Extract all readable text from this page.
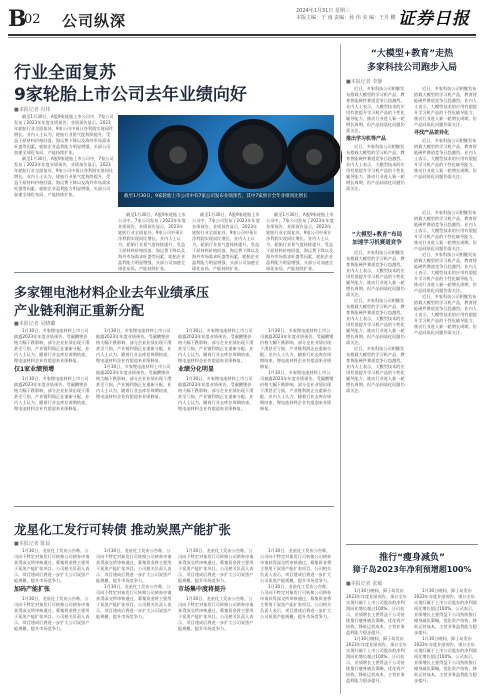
B
02 公司纵深
2024年1月31日 星期三
本版主编：于 南 责编：孙 伟 美 编：王丹 鹏 证券日报
行业全面复苏
9家轮胎上市公司去年业绩向好
■本报记者 肖伟

截至1月30日，A股9家轮胎上市公司中，7家公司发布了2023年年度业绩预告，业绩预告显示，2023年轮胎行业全面复苏，9家公司中预计净利润实现同比增长。业内人士认为，轮胎行业景气度持续提升，受益于原材料价格回落、海运费下降以及海外市场需求旺盛等因素，轮胎企业盈利能力明显增强，头部公司加速全球化布局，产能持续扩张。

截至1月30日，A股9家轮胎上市公司中，7家公司发布了2023年年度业绩预告，业绩预告显示，2023年轮胎行业全面复苏，9家公司中预计净利润实现同比增长。业内人士认为，轮胎行业景气度持续提升，受益于原材料价格回落、海运费下降以及海外市场需求旺盛等因素，轮胎企业盈利能力明显增强，头部公司加速全球化布局，产能持续扩张。	截至1月30日，9家轮胎上市公司中有7家公司发布业绩预告，其中7家预计全年业绩同比增长

截至1月30日，A股9家轮胎上市公司中，7家公司发布了2023年年度业绩预告，业绩预告显示，2023年轮胎行业全面复苏，9家公司中预计净利润实现同比增长。业内人士认为，轮胎行业景气度持续提升，受益于原材料价格回落、海运费下降以及海外市场需求旺盛等因素，轮胎企业盈利能力明显增强，头部公司加速全球化布局，产能持续扩张。

截至1月30日，A股9家轮胎上市公司中，7家公司发布了2023年年度业绩预告，业绩预告显示，2023年轮胎行业全面复苏，9家公司中预计净利润实现同比增长。业内人士认为，轮胎行业景气度持续提升，受益于原材料价格回落、海运费下降以及海外市场需求旺盛等因素，轮胎企业盈利能力明显增强，头部公司加速全球化布局，产能持续扩张。

截至1月30日，A股9家轮胎上市公司中，7家公司发布了2023年年度业绩预告，业绩预告显示，2023年轮胎行业全面复苏，9家公司中预计净利润实现同比增长。业内人士认为，轮胎行业景气度持续提升，受益于原材料价格回落、海运费下降以及海外市场需求旺盛等因素，轮胎企业盈利能力明显增强，头部公司加速全球化布局，产能持续扩张。

多家锂电池材料企业去年业绩承压
产业链利润正重新分配
■本报记者 吴晓璐

1月30日，多家锂电池材料上市公司披露2023年年度业绩预告。受碳酸锂价格大幅下跌影响，部分企业业绩出现下滑甚至亏损，产业链利润正在重新分配。业内人士认为，随着行业去库存周期结束，锂电池材料企业有望迎来业绩修复。

仅1家业绩预增

1月30日，多家锂电池材料上市公司披露2023年年度业绩预告。受碳酸锂价格大幅下跌影响，部分企业业绩出现下滑甚至亏损，产业链利润正在重新分配。业内人士认为，随着行业去库存周期结束，锂电池材料企业有望迎来业绩修复。

1月30日，多家锂电池材料上市公司披露2023年年度业绩预告。受碳酸锂价格大幅下跌影响，部分企业业绩出现下滑甚至亏损，产业链利润正在重新分配。业内人士认为，随着行业去库存周期结束，锂电池材料企业有望迎来业绩修复。

1月30日，多家锂电池材料上市公司披露2023年年度业绩预告。受碳酸锂价格大幅下跌影响，部分企业业绩出现下滑甚至亏损，产业链利润正在重新分配。业内人士认为，随着行业去库存周期结束，锂电池材料企业有望迎来业绩修复。

1月30日，多家锂电池材料上市公司披露2023年年度业绩预告。受碳酸锂价格大幅下跌影响，部分企业业绩出现下滑甚至亏损，产业链利润正在重新分配。业内人士认为，随着行业去库存周期结束，锂电池材料企业有望迎来业绩修复。

业绩分化明显

1月30日，多家锂电池材料上市公司披露2023年年度业绩预告。受碳酸锂价格大幅下跌影响，部分企业业绩出现下滑甚至亏损，产业链利润正在重新分配。业内人士认为，随着行业去库存周期结束，锂电池材料企业有望迎来业绩修复。

1月30日，多家锂电池材料上市公司披露2023年年度业绩预告。受碳酸锂价格大幅下跌影响，部分企业业绩出现下滑甚至亏损，产业链利润正在重新分配。业内人士认为，随着行业去库存周期结束，锂电池材料企业有望迎来业绩修复。

1月30日，多家锂电池材料上市公司披露2023年年度业绩预告。受碳酸锂价格大幅下跌影响，部分企业业绩出现下滑甚至亏损，产业链利润正在重新分配。业内人士认为，随着行业去库存周期结束，锂电池材料企业有望迎来业绩修复。

龙星化工发行可转债 推动炭黑产能扩张
■本报记者 陈晨

1月30日，龙星化工发布公告称，公司向不特定对象发行可转换公司债券申请获得深交所审核通过，募集资金将主要用于炭黑产能扩张项目。公司相关负责人表示，项目建成后将进一步扩大公司炭黑产能规模，提升市场竞争力。

加码产能扩张

1月30日，龙星化工发布公告称，公司向不特定对象发行可转换公司债券申请获得深交所审核通过，募集资金将主要用于炭黑产能扩张项目。公司相关负责人表示，项目建成后将进一步扩大公司炭黑产能规模，提升市场竞争力。

1月30日，龙星化工发布公告称，公司向不特定对象发行可转换公司债券申请获得深交所审核通过，募集资金将主要用于炭黑产能扩张项目。公司相关负责人表示，项目建成后将进一步扩大公司炭黑产能规模，提升市场竞争力。

1月30日，龙星化工发布公告称，公司向不特定对象发行可转换公司债券申请获得深交所审核通过，募集资金将主要用于炭黑产能扩张项目。公司相关负责人表示，项目建成后将进一步扩大公司炭黑产能规模，提升市场竞争力。

1月30日，龙星化工发布公告称，公司向不特定对象发行可转换公司债券申请获得深交所审核通过，募集资金将主要用于炭黑产能扩张项目。公司相关负责人表示，项目建成后将进一步扩大公司炭黑产能规模，提升市场竞争力。

市场集中度将提升

1月30日，龙星化工发布公告称，公司向不特定对象发行可转换公司债券申请获得深交所审核通过，募集资金将主要用于炭黑产能扩张项目。公司相关负责人表示，项目建成后将进一步扩大公司炭黑产能规模，提升市场竞争力。

1月30日，龙星化工发布公告称，公司向不特定对象发行可转换公司债券申请获得深交所审核通过，募集资金将主要用于炭黑产能扩张项目。公司相关负责人表示，项目建成后将进一步扩大公司炭黑产能规模，提升市场竞争力。

1月30日，龙星化工发布公告称，公司向不特定对象发行可转换公司债券申请获得深交所审核通过，募集资金将主要用于炭黑产能扩张项目。公司相关负责人表示，项目建成后将进一步扩大公司炭黑产能规模，提升市场竞争力。

“大模型+教育”走热
多家科技公司跑步入局
■本报记者 李静

近日，多家科技公司相继发布搭载大模型的学习机产品，教育智能硬件赛道竞争日趋激烈。业内人士表示，大模型技术的应用有望提升学习机产品的个性化辅导能力，推动行业进入新一轮增长周期，但产品同质化问题仍需关注。

推出学习机等产品

近日，多家科技公司相继发布搭载大模型的学习机产品，教育智能硬件赛道竞争日趋激烈。业内人士表示，大模型技术的应用有望提升学习机产品的个性化辅导能力，推动行业进入新一轮增长周期，但产品同质化问题仍需关注。

近日，多家科技公司相继发布搭载大模型的学习机产品，教育智能硬件赛道竞争日趋激烈。业内人士表示，大模型技术的应用有望提升学习机产品的个性化辅导能力，推动行业进入新一轮增长周期，但产品同质化问题仍需关注。

寻找产品差异化

近日，多家科技公司相继发布搭载大模型的学习机产品，教育智能硬件赛道竞争日趋激烈。业内人士表示，大模型技术的应用有望提升学习机产品的个性化辅导能力，推动行业进入新一轮增长周期，但产品同质化问题仍需关注。

“大模型+教育”布局
加速学习机赛道竞争

近日，多家科技公司相继发布搭载大模型的学习机产品，教育智能硬件赛道竞争日趋激烈。业内人士表示，大模型技术的应用有望提升学习机产品的个性化辅导能力，推动行业进入新一轮增长周期，但产品同质化问题仍需关注。

近日，多家科技公司相继发布搭载大模型的学习机产品，教育智能硬件赛道竞争日趋激烈。业内人士表示，大模型技术的应用有望提升学习机产品的个性化辅导能力，推动行业进入新一轮增长周期，但产品同质化问题仍需关注。

近日，多家科技公司相继发布搭载大模型的学习机产品，教育智能硬件赛道竞争日趋激烈。业内人士表示，大模型技术的应用有望提升学习机产品的个性化辅导能力，推动行业进入新一轮增长周期，但产品同质化问题仍需关注。

近日，多家科技公司相继发布搭载大模型的学习机产品，教育智能硬件赛道竞争日趋激烈。业内人士表示，大模型技术的应用有望提升学习机产品的个性化辅导能力，推动行业进入新一轮增长周期，但产品同质化问题仍需关注。

近日，多家科技公司相继发布搭载大模型的学习机产品，教育智能硬件赛道竞争日趋激烈。业内人士表示，大模型技术的应用有望提升学习机产品的个性化辅导能力，推动行业进入新一轮增长周期，但产品同质化问题仍需关注。

近日，多家科技公司相继发布搭载大模型的学习机产品，教育智能硬件赛道竞争日趋激烈。业内人士表示，大模型技术的应用有望提升学习机产品的个性化辅导能力，推动行业进入新一轮增长周期，但产品同质化问题仍需关注。

推行“瘦身减负”
獐子岛2023年净利预增超100%
■本报记者 张敏

1月30日晚间，獐子岛发布2023年年度业绩预告，预计全年实现归属于上市公司股东的净利润同比增长超过100%。公司表示，业绩增长主要得益于公司持续推行瘦身减负策略，优化资产结构，降低运营成本，主营业务盈利能力稳步提升。

1月30日晚间，獐子岛发布2023年年度业绩预告，预计全年实现归属于上市公司股东的净利润同比增长超过100%。公司表示，业绩增长主要得益于公司持续推行瘦身减负策略，优化资产结构，降低运营成本，主营业务盈利能力稳步提升。

1月30日晚间，獐子岛发布2023年年度业绩预告，预计全年实现归属于上市公司股东的净利润同比增长超过100%。公司表示，业绩增长主要得益于公司持续推行瘦身减负策略，优化资产结构，降低运营成本，主营业务盈利能力稳步提升。

1月30日晚间，獐子岛发布2023年年度业绩预告，预计全年实现归属于上市公司股东的净利润同比增长超过100%。公司表示，业绩增长主要得益于公司持续推行瘦身减负策略，优化资产结构，降低运营成本，主营业务盈利能力稳步提升。
